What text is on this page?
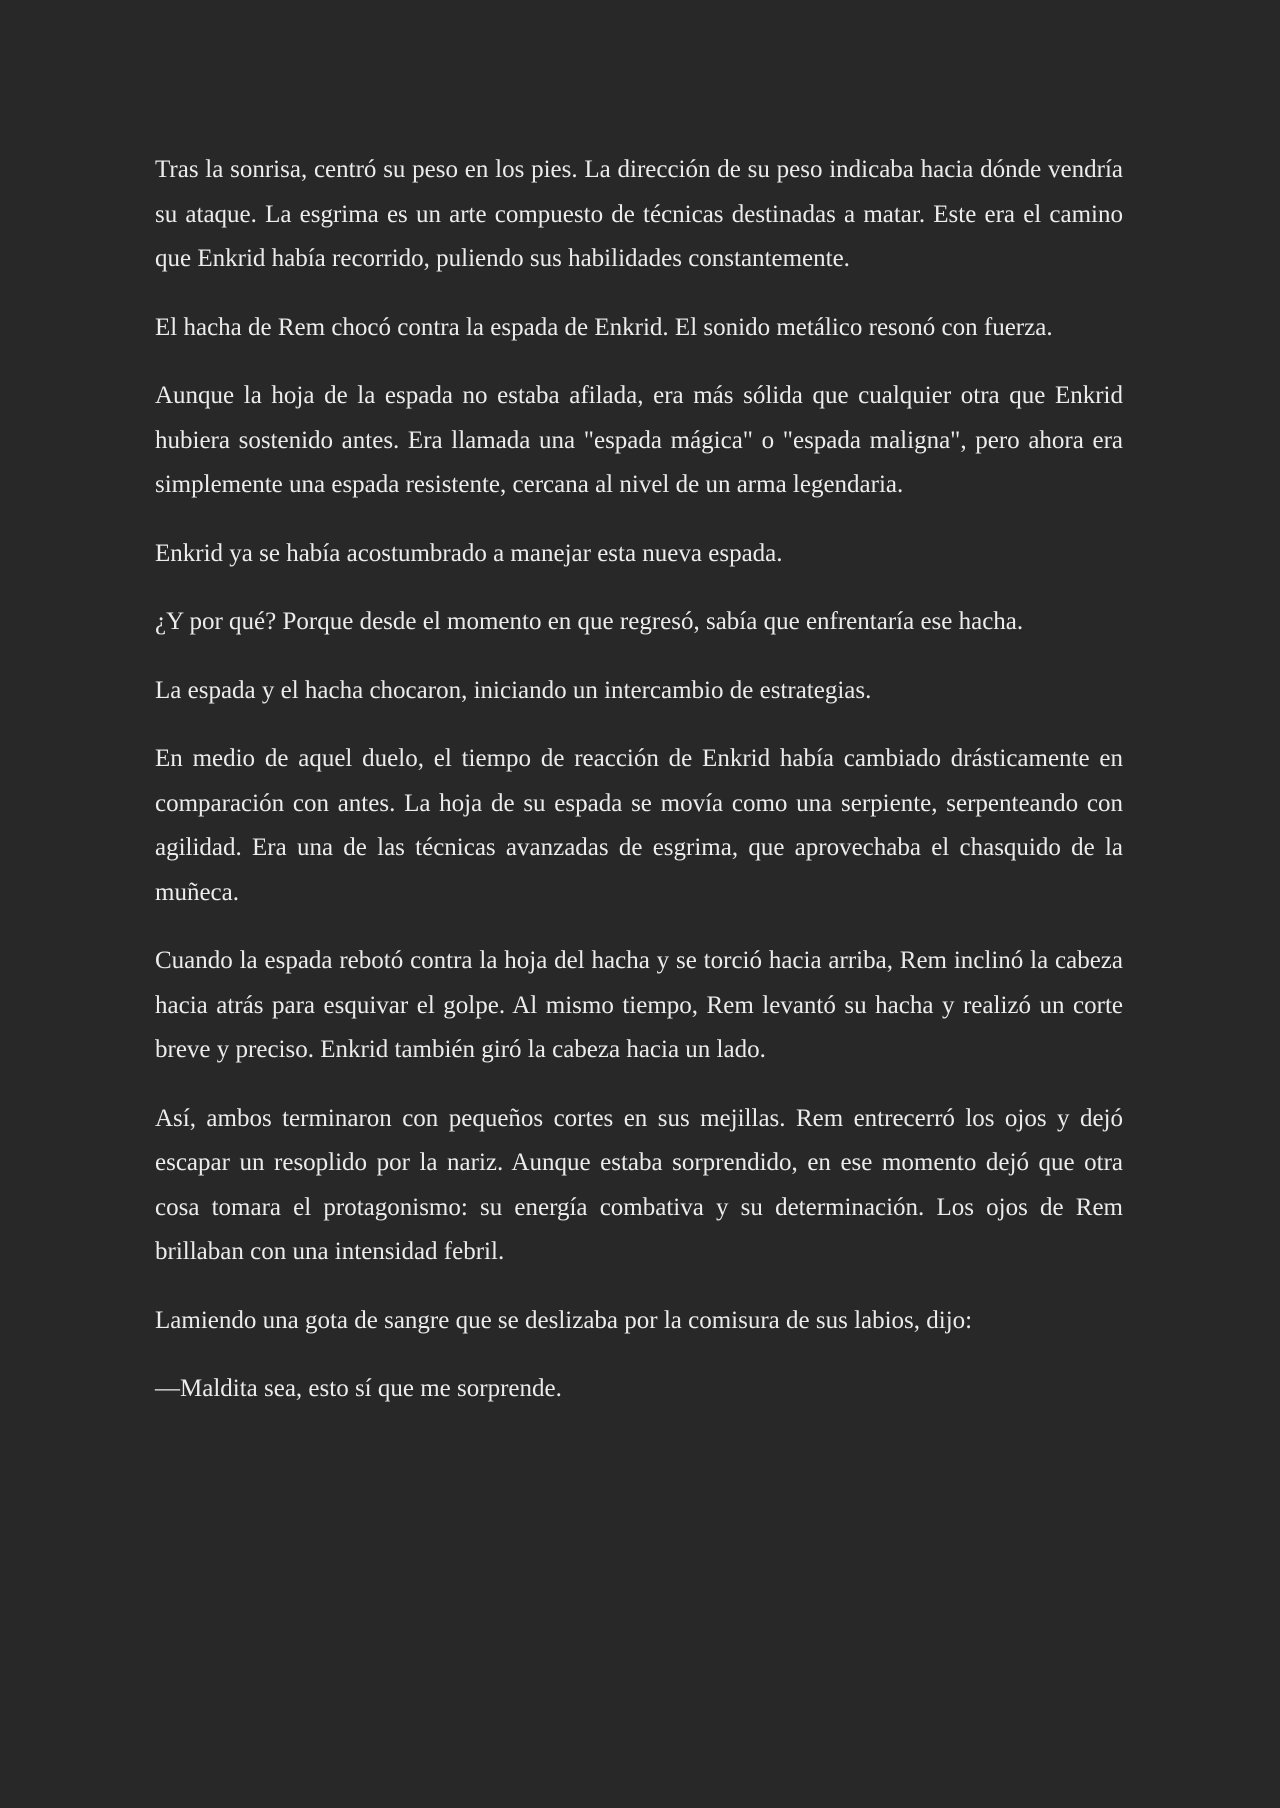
Tras la sonrisa, centró su peso en los pies. La dirección de su peso indicaba hacia dónde vendría su ataque. La esgrima es un arte compuesto de técnicas destinadas a matar. Este era el camino que Enkrid había recorrido, puliendo sus habilidades constantemente.

El hacha de Rem chocó contra la espada de Enkrid. El sonido metálico resonó con fuerza.

Aunque la hoja de la espada no estaba afilada, era más sólida que cualquier otra que Enkrid hubiera sostenido antes. Era llamada una "espada mágica" o "espada maligna", pero ahora era simplemente una espada resistente, cercana al nivel de un arma legendaria.

Enkrid ya se había acostumbrado a manejar esta nueva espada.

¿Y por qué? Porque desde el momento en que regresó, sabía que enfrentaría ese hacha.

La espada y el hacha chocaron, iniciando un intercambio de estrategias.

En medio de aquel duelo, el tiempo de reacción de Enkrid había cambiado drásticamente en comparación con antes. La hoja de su espada se movía como una serpiente, serpenteando con agilidad. Era una de las técnicas avanzadas de esgrima, que aprovechaba el chasquido de la muñeca.

Cuando la espada rebotó contra la hoja del hacha y se torció hacia arriba, Rem inclinó la cabeza hacia atrás para esquivar el golpe. Al mismo tiempo, Rem levantó su hacha y realizó un corte breve y preciso. Enkrid también giró la cabeza hacia un lado.

Así, ambos terminaron con pequeños cortes en sus mejillas. Rem entrecerró los ojos y dejó escapar un resoplido por la nariz. Aunque estaba sorprendido, en ese momento dejó que otra cosa tomara el protagonismo: su energía combativa y su determinación. Los ojos de Rem brillaban con una intensidad febril.

Lamiendo una gota de sangre que se deslizaba por la comisura de sus labios, dijo:

—Maldita sea, esto sí que me sorprende.
